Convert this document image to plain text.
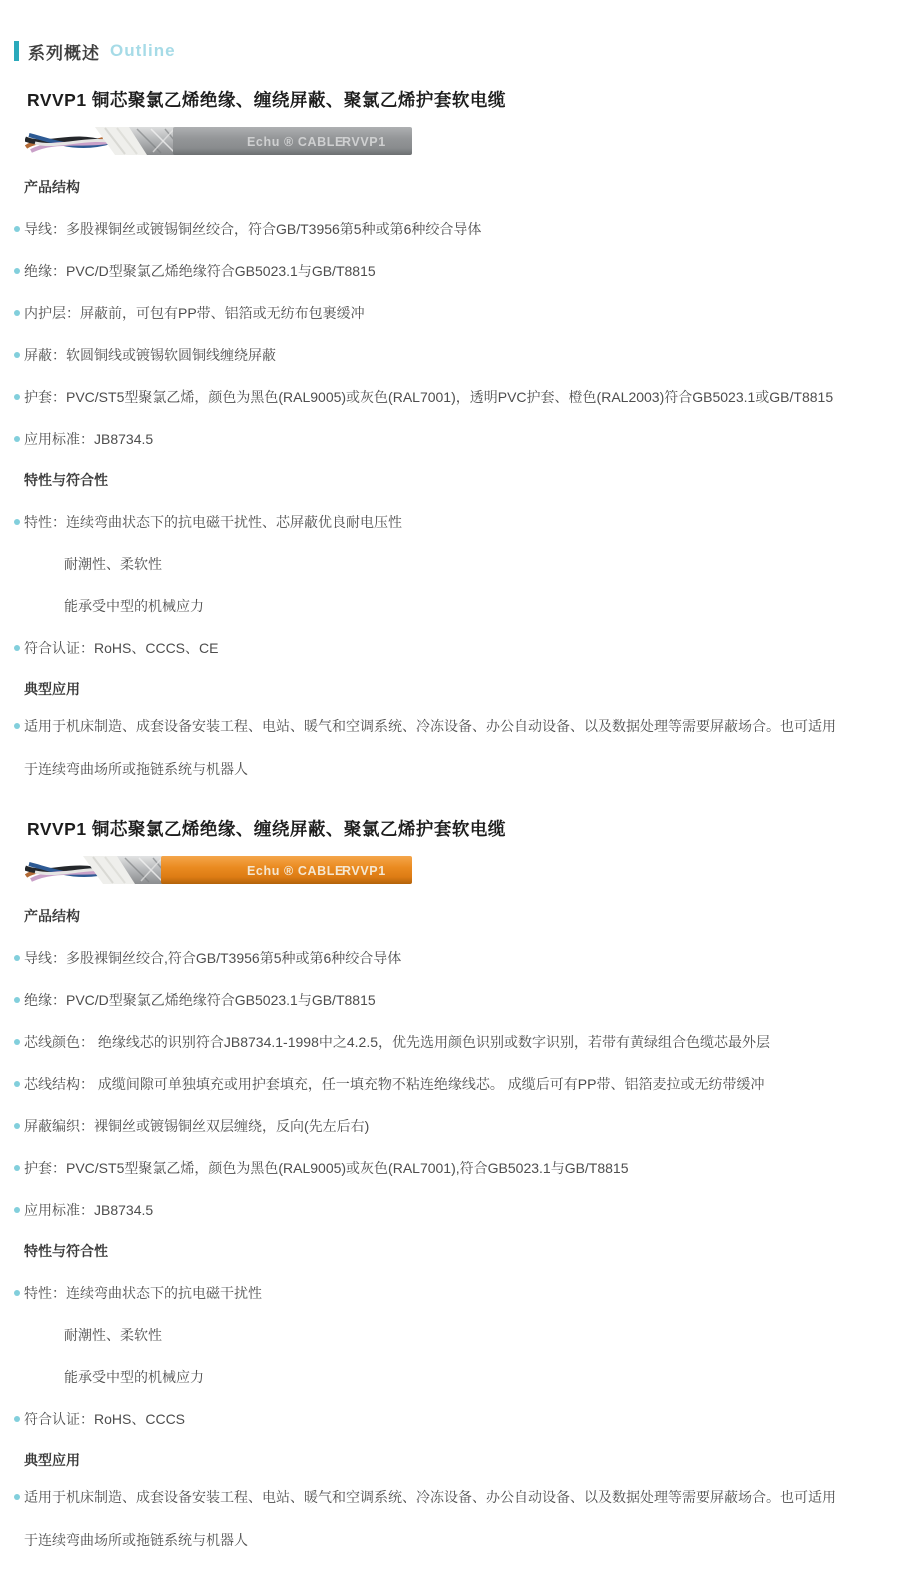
系列概述 Outline
RVVP1 铜芯聚氯乙烯绝缘、缠绕屏蔽、聚氯乙烯护套软电缆
Echu ® CABLE
RVVP1
产品结构
导线：多股裸铜丝或镀锡铜丝绞合，符合GB/T3956第5种或第6种绞合导体
绝缘：PVC/D型聚氯乙烯绝缘符合GB5023.1与GB/T8815
内护层：屏蔽前，可包有PP带、铝箔或无纺布包裹缓冲
屏蔽：软圆铜线或镀锡软圆铜线缠绕屏蔽
护套：PVC/ST5型聚氯乙烯，颜色为黑色(RAL9005)或灰色(RAL7001)，透明PVC护套、橙色(RAL2003)符合GB5023.1或GB/T8815
应用标准：JB8734.5
特性与符合性
特性：连续弯曲状态下的抗电磁干扰性、芯屏蔽优良耐电压性
耐潮性、柔软性
能承受中型的机械应力
符合认证：RoHS、CCCS、CE
典型应用
适用于机床制造、成套设备安装工程、电站、暖气和空调系统、冷冻设备、办公自动设备、以及数据处理等需要屏蔽场合。也可适用于连续弯曲场所或拖链系统与机器人
RVVP1 铜芯聚氯乙烯绝缘、缠绕屏蔽、聚氯乙烯护套软电缆
Echu ® CABLE
RVVP1
产品结构
导线：多股裸铜丝绞合,符合GB/T3956第5种或第6种绞合导体
绝缘：PVC/D型聚氯乙烯绝缘符合GB5023.1与GB/T8815
芯线颜色： 绝缘线芯的识别符合JB8734.1-1998中之4.2.5，优先选用颜色识别或数字识别，若带有黄绿组合色缆芯最外层
芯线结构： 成缆间隙可单独填充或用护套填充，任一填充物不粘连绝缘线芯。 成缆后可有PP带、铝箔麦拉或无纺带缓冲
屏蔽编织：裸铜丝或镀锡铜丝双层缠绕，反向(先左后右)
护套：PVC/ST5型聚氯乙烯，颜色为黑色(RAL9005)或灰色(RAL7001),符合GB5023.1与GB/T8815
应用标准：JB8734.5
特性与符合性
特性：连续弯曲状态下的抗电磁干扰性
耐潮性、柔软性
能承受中型的机械应力
符合认证：RoHS、CCCS
典型应用
适用于机床制造、成套设备安装工程、电站、暖气和空调系统、冷冻设备、办公自动设备、以及数据处理等需要屏蔽场合。也可适用于连续弯曲场所或拖链系统与机器人
